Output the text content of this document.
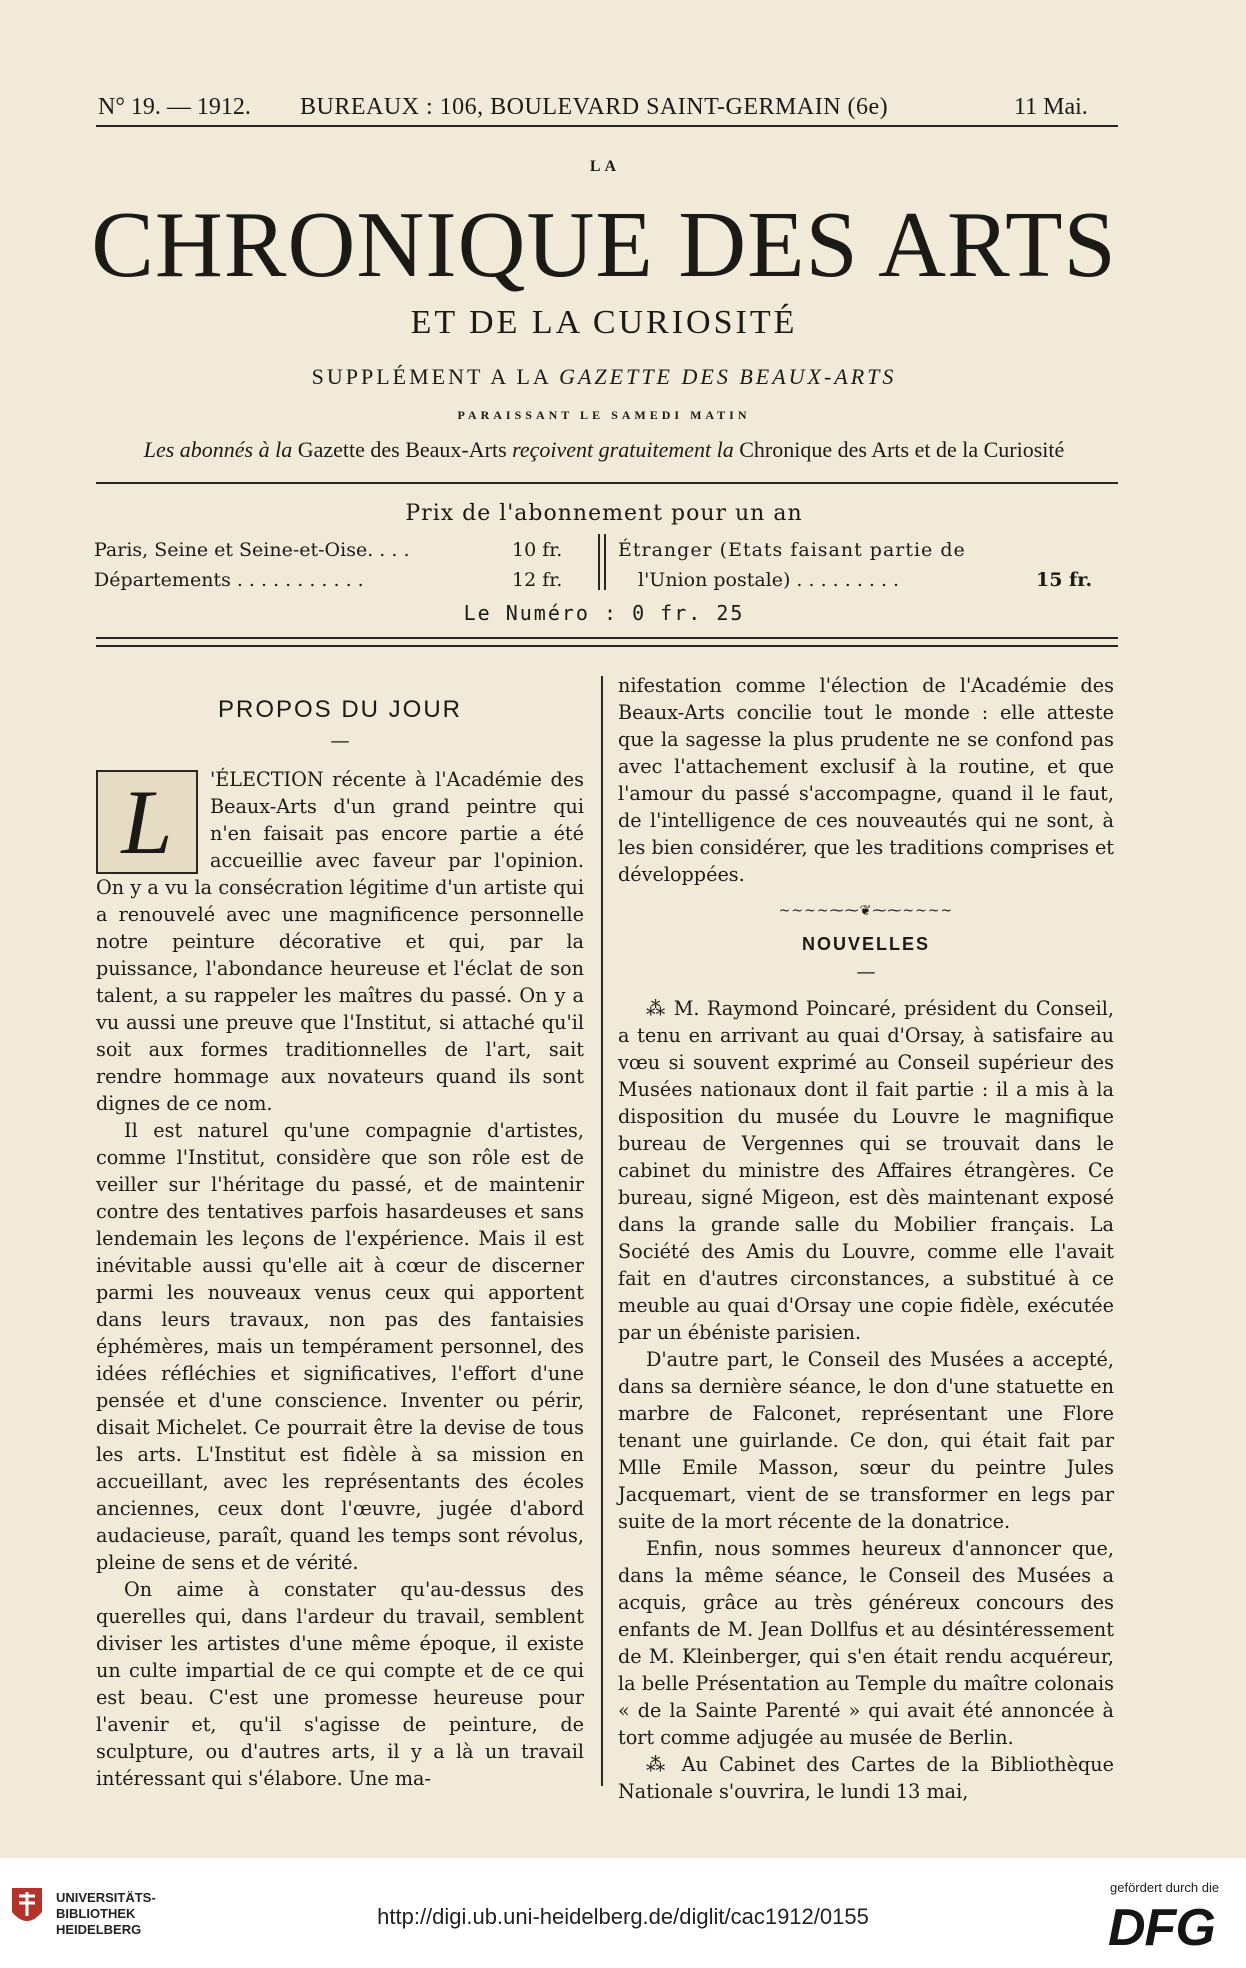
N° 19. — 1912. BUREAUX : 106, BOULEVARD SAINT-GERMAIN (6e)	11 Mai.
LA
CHRONIQUE DES ARTS
ET DE LA CURIOSITÉ
SUPPLÉMENT A LA GAZETTE DES BEAUX-ARTS
PARAISSANT LE SAMEDI MATIN
Les abonnés à la Gazette des Beaux-Arts reçoivent gratuitement la Chronique des Arts et de la Curiosité
Prix de l'abonnement pour un an
Paris, Seine et Seine-et-Oise. . . .	10 fr.
Départements . . . . . . . . . . .	12 fr.
Étranger (Etats faisant partie de
l'Union postale) . . . . . . . . .	15 fr.
Le Numéro : 0 fr. 25
PROPOS DU JOUR
—
L	'ÉLECTION récente à l'Académie des Beaux-Arts d'un grand peintre qui n'en faisait pas encore partie a été accueillie avec faveur par l'opinion. On y a vu la consécration légitime d'un artiste qui a renouvelé avec une magnificence personnelle notre peinture décorative et qui, par la puissance, l'abondance heureuse et l'éclat de son talent, a su rappeler les maîtres du passé. On y a vu aussi une preuve que l'Institut, si attaché qu'il soit aux formes traditionnelles de l'art, sait rendre hommage aux novateurs quand ils sont dignes de ce nom.

Il est naturel qu'une compagnie d'artistes, comme l'Institut, considère que son rôle est de veiller sur l'héritage du passé, et de maintenir contre des tentatives parfois hasardeuses et sans lendemain les leçons de l'expérience. Mais il est inévitable aussi qu'elle ait à cœur de discerner parmi les nouveaux venus ceux qui apportent dans leurs travaux, non pas des fantaisies éphémères, mais un tempérament personnel, des idées réfléchies et significatives, l'effort d'une pensée et d'une conscience. Inventer ou périr, disait Michelet. Ce pourrait être la devise de tous les arts. L'Institut est fidèle à sa mission en accueillant, avec les représentants des écoles anciennes, ceux dont l'œuvre, jugée d'abord audacieuse, paraît, quand les temps sont révolus, pleine de sens et de vérité.

On aime à constater qu'au-dessus des querelles qui, dans l'ardeur du travail, semblent diviser les artistes d'une même époque, il existe un culte impartial de ce qui compte et de ce qui est beau. C'est une promesse heureuse pour l'avenir et, qu'il s'agisse de peinture, de sculpture, ou d'autres arts, il y a là un travail intéressant qui s'élabore. Une ma-

nifestation comme l'élection de l'Académie des Beaux-Arts concilie tout le monde : elle atteste que la sagesse la plus prudente ne se confond pas avec l'attachement exclusif à la routine, et que l'amour du passé s'accompagne, quand il le faut, de l'intelligence de ces nouveautés qui ne sont, à les bien considérer, que les traditions comprises et développées.

~~~~⁓⁓❦⁓⁓~~~~
NOUVELLES
—

⁂ M. Raymond Poincaré, président du Conseil, a tenu en arrivant au quai d'Orsay, à satisfaire au vœu si souvent exprimé au Conseil supérieur des Musées nationaux dont il fait partie : il a mis à la disposition du musée du Louvre le magnifique bureau de Vergennes qui se trouvait dans le cabinet du ministre des Affaires étrangères. Ce bureau, signé Migeon, est dès maintenant exposé dans la grande salle du Mobilier français. La Société des Amis du Louvre, comme elle l'avait fait en d'autres circonstances, a substitué à ce meuble au quai d'Orsay une copie fidèle, exécutée par un ébéniste parisien.

D'autre part, le Conseil des Musées a accepté, dans sa dernière séance, le don d'une statuette en marbre de Falconet, représentant une Flore tenant une guirlande. Ce don, qui était fait par Mlle Emile Masson, sœur du peintre Jules Jacquemart, vient de se transformer en legs par suite de la mort récente de la donatrice.

Enfin, nous sommes heureux d'annoncer que, dans la même séance, le Conseil des Musées a acquis, grâce au très généreux concours des enfants de M. Jean Dollfus et au désintéressement de M. Kleinberger, qui s'en était rendu acquéreur, la belle Présentation au Temple du maître colonais « de la Sainte Parenté » qui avait été annoncée à tort comme adjugée au musée de Berlin.

⁂ Au Cabinet des Cartes de la Bibliothèque Nationale s'ouvrira, le lundi 13 mai,

UNIVERSITÄTS-
BIBLIOTHEK
HEIDELBERG
http://digi.ub.uni-heidelberg.de/diglit/cac1912/0155
gefördert durch die
DFG
